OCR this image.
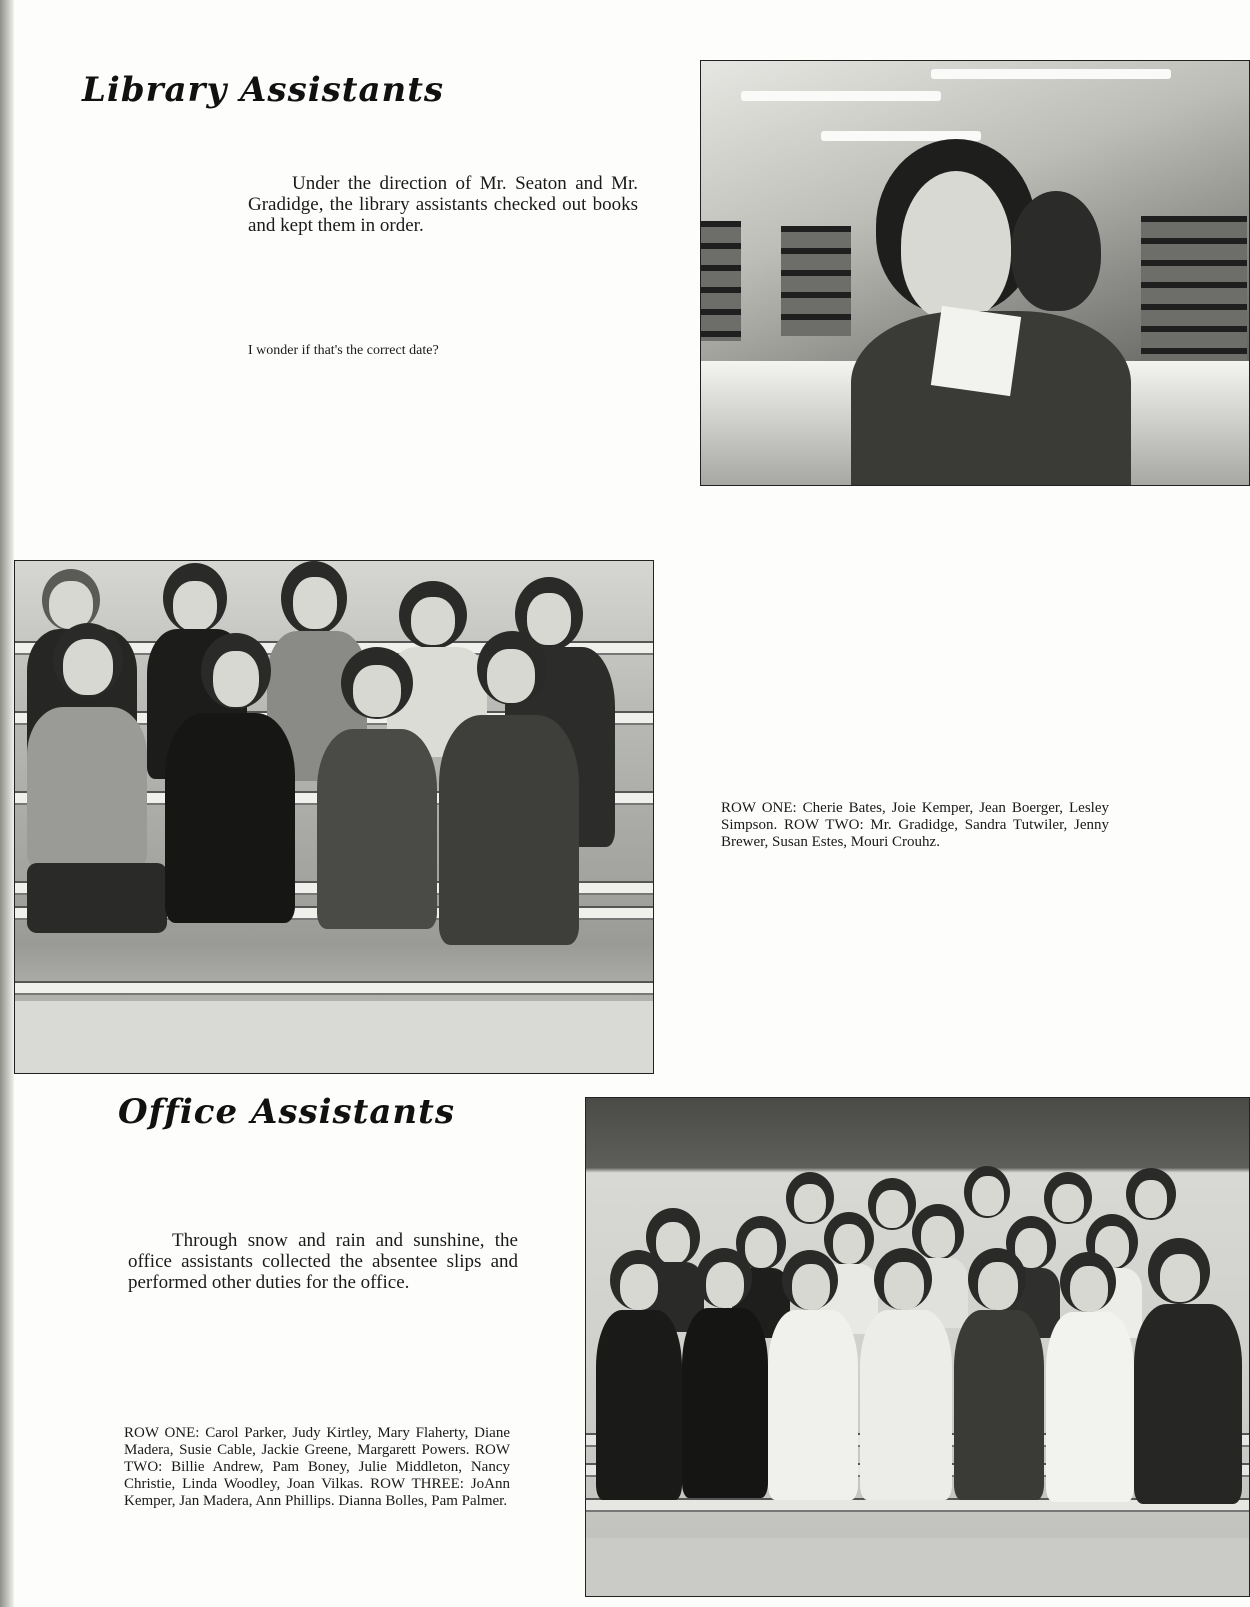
Library Assistants

Under the direction of Mr. Seaton and Mr. Gradidge, the library assistants checked out books and kept them in order.

I wonder if that's the correct date?

ROW ONE: Cherie Bates, Joie Kemper, Jean Boerger, Lesley Simpson. ROW TWO: Mr. Gradidge, Sandra Tutwiler, Jenny Brewer, Susan Estes, Mouri Crouhz.

Office Assistants

Through snow and rain and sunshine, the office assistants collected the absentee slips and performed other duties for the office.

ROW ONE: Carol Parker, Judy Kirtley, Mary Flaherty, Diane Madera, Susie Cable, Jackie Greene, Margarett Powers. ROW TWO: Billie Andrew, Pam Boney, Julie Middleton, Nancy Christie, Linda Woodley, Joan Vilkas. ROW THREE: JoAnn Kemper, Jan Madera, Ann Phillips. Dianna Bolles, Pam Palmer.
